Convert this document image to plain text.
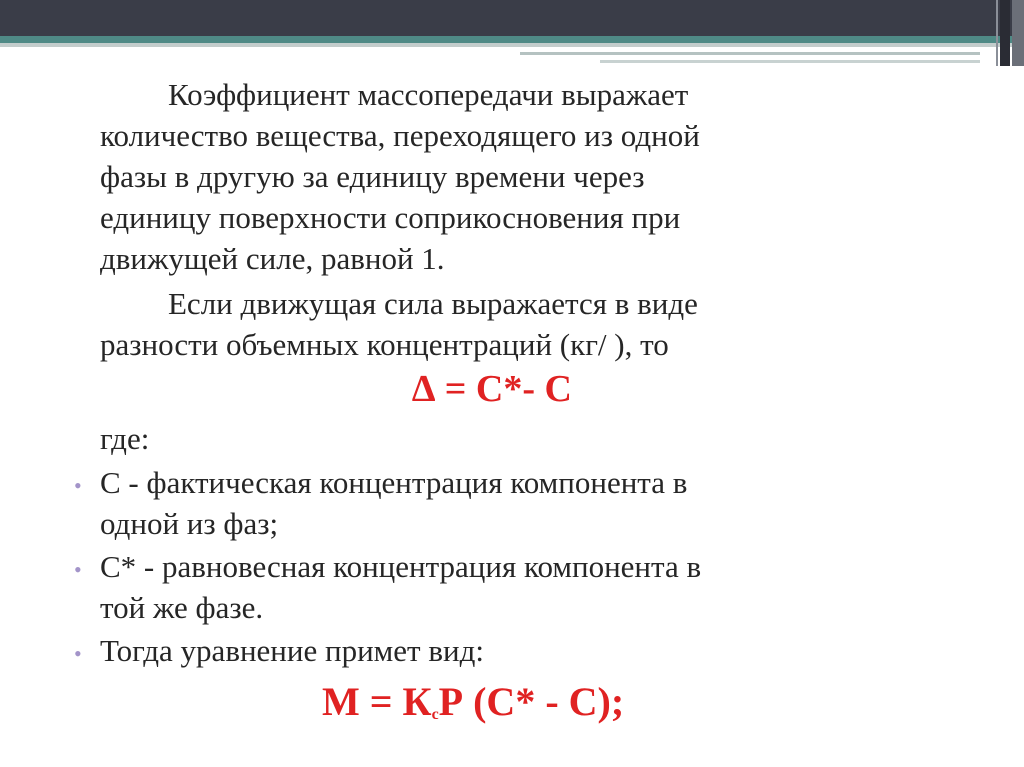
Коэффициент массопередачи выражает
количество вещества, переходящего из одной
фазы в другую за единицу времени через
единицу поверхности соприкосновения при
движущей силе, равной 1.
Если движущая сила выражается в виде
разности объемных концентраций (кг/ ), то
∆ = С*- С
где:
• С - фактическая концентрация компонента в
одной из фаз;
• С* - равновесная концентрация компонента в
той же фазе.
• Тогда уравнение примет вид:
$М = К_cР$ (С* - С);
